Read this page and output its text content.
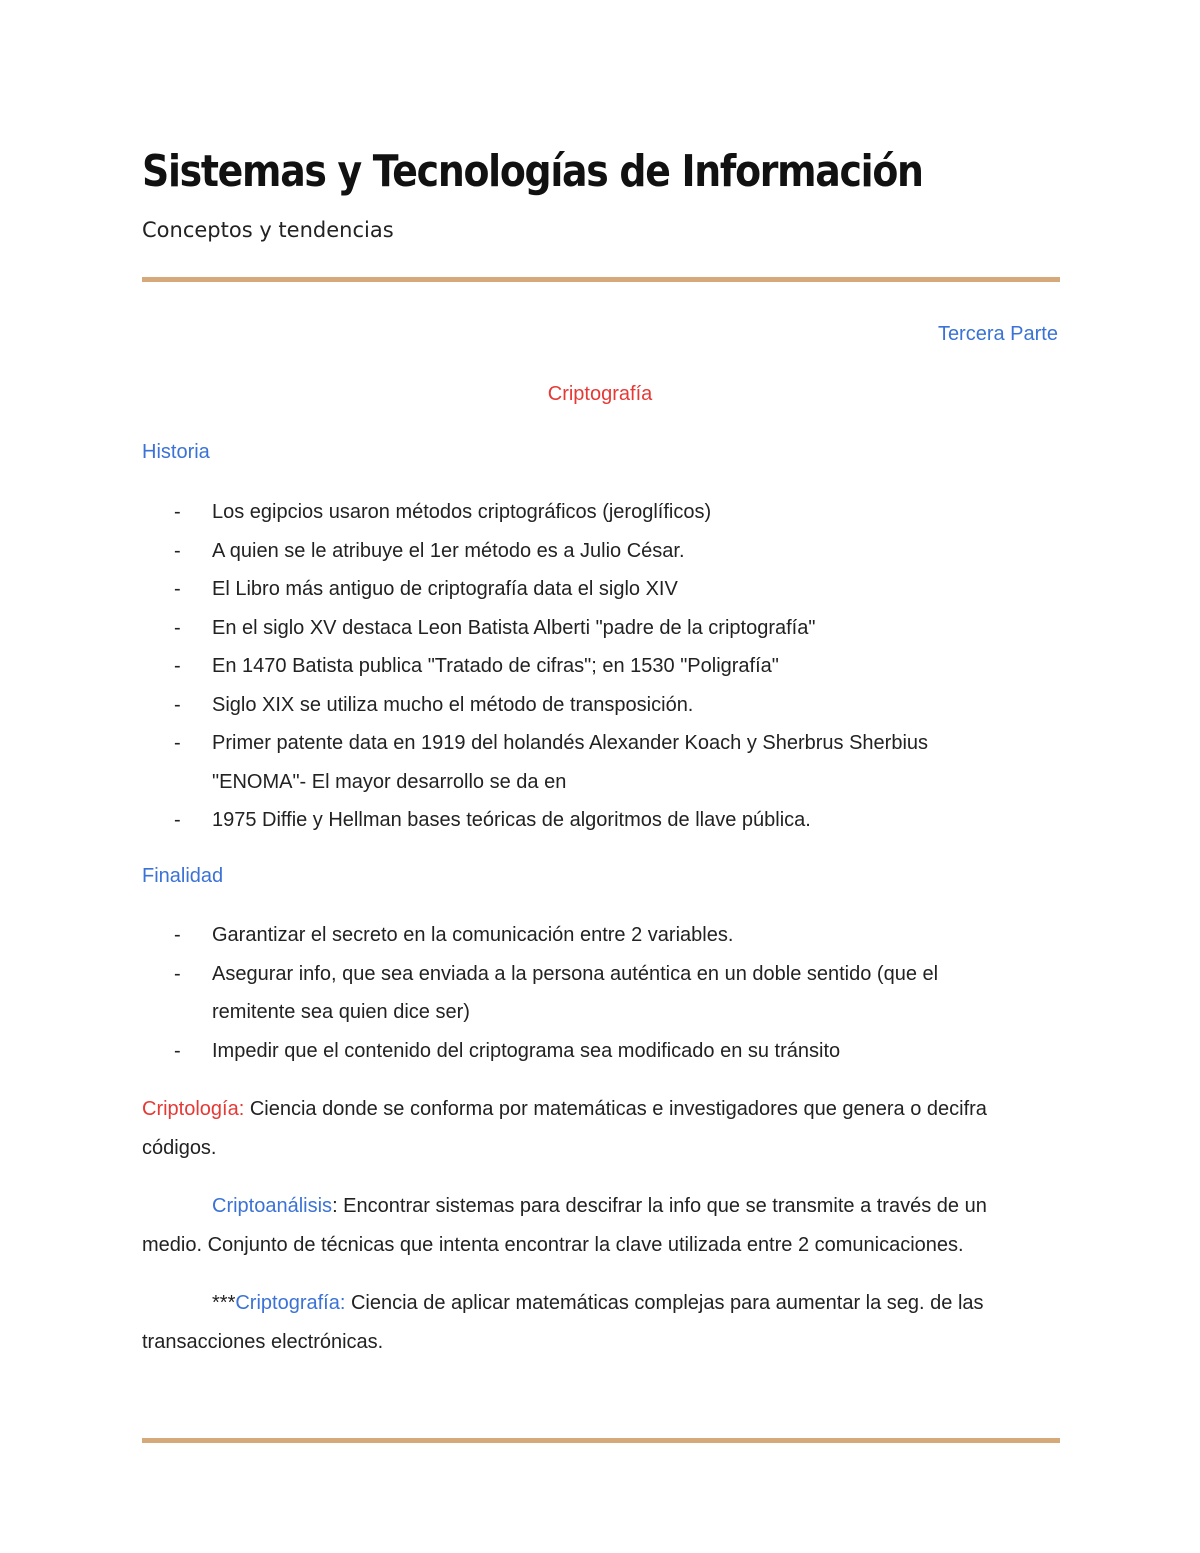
Sistemas y Tecnologías de Información
Conceptos y tendencias
Tercera Parte
Criptografía
Historia
- Los egipcios usaron métodos criptográficos (jeroglíficos)
- A quien se le atribuye el 1er método es a Julio César.
- El Libro más antiguo de criptografía data el siglo XIV
- En el siglo XV destaca Leon Batista Alberti "padre de la criptografía"
- En 1470 Batista publica "Tratado de cifras"; en 1530 "Poligrafía"
- Siglo XIX se utiliza mucho el método de transposición.
- Primer patente data en 1919 del holandés Alexander Koach y Sherbrus Sherbius
"ENOMA"- El mayor desarrollo se da en
- 1975 Diffie y Hellman bases teóricas de algoritmos de llave pública.
Finalidad
- Garantizar el secreto en la comunicación entre 2 variables.
- Asegurar info, que sea enviada a la persona auténtica en un doble sentido (que el
remitente sea quien dice ser)
- Impedir que el contenido del criptograma sea modificado en su tránsito

Criptología: Ciencia donde se conforma por matemáticas e investigadores que genera o decifra
códigos.

Criptoanálisis: Encontrar sistemas para descifrar la info que se transmite a través de un
medio. Conjunto de técnicas que intenta encontrar la clave utilizada entre 2 comunicaciones.

***Criptografía: Ciencia de aplicar matemáticas complejas para aumentar la seg. de las
transacciones electrónicas.
